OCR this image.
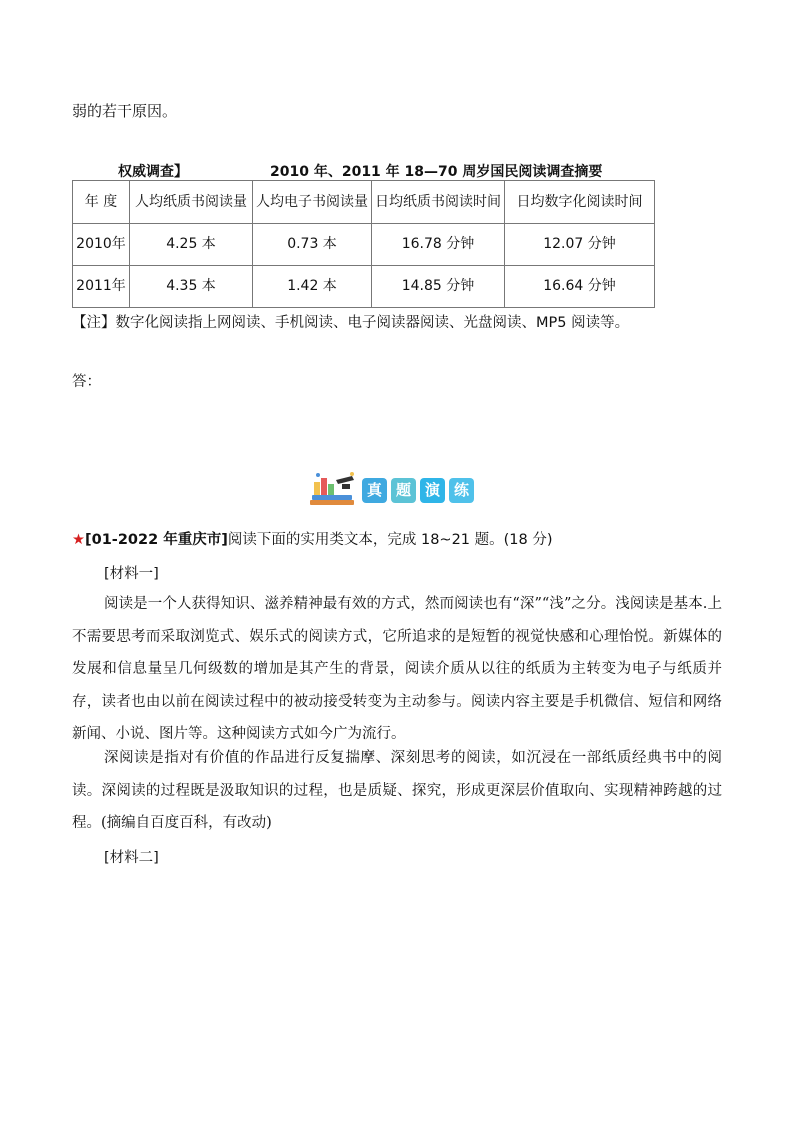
弱的若干原因。
权威调查】	2010 年、2011 年 18—70 周岁国民阅读调查摘要
年 度	人均纸质书阅读量	人均电子书阅读量	日均纸质书阅读时间	日均数字化阅读时间
2010年	4.25 本	0.73 本	16.78 分钟	12.07 分钟
2011年	4.35 本	1.42 本	14.85 分钟	16.64 分钟
【注】数字化阅读指上网阅读、手机阅读、电子阅读器阅读、光盘阅读、MP5 阅读等。
答：
真 题 演 练
★[01-2022 年重庆市]阅读下面的实用类文本，完成 18~21 题。(18 分)
[材料一]
阅读是一个人获得知识、滋养精神最有效的方式，然而阅读也有“深”“浅”之分。浅阅读是基本.上不需要思考而采取浏览式、娱乐式的阅读方式，它所追求的是短暂的视觉快感和心理怡悦。新媒体的发展和信息量呈几何级数的增加是其产生的背景，阅读介质从以往的纸质为主转变为电子与纸质并存，读者也由以前在阅读过程中的被动接受转变为主动参与。阅读内容主要是手机微信、短信和网络新闻、小说、图片等。这种阅读方式如今广为流行。
深阅读是指对有价值的作品进行反复揣摩、深刻思考的阅读，如沉浸在一部纸质经典书中的阅读。深阅读的过程既是汲取知识的过程，也是质疑、探究，形成更深层价值取向、实现精神跨越的过程。(摘编自百度百科，有改动)
[材料二]
